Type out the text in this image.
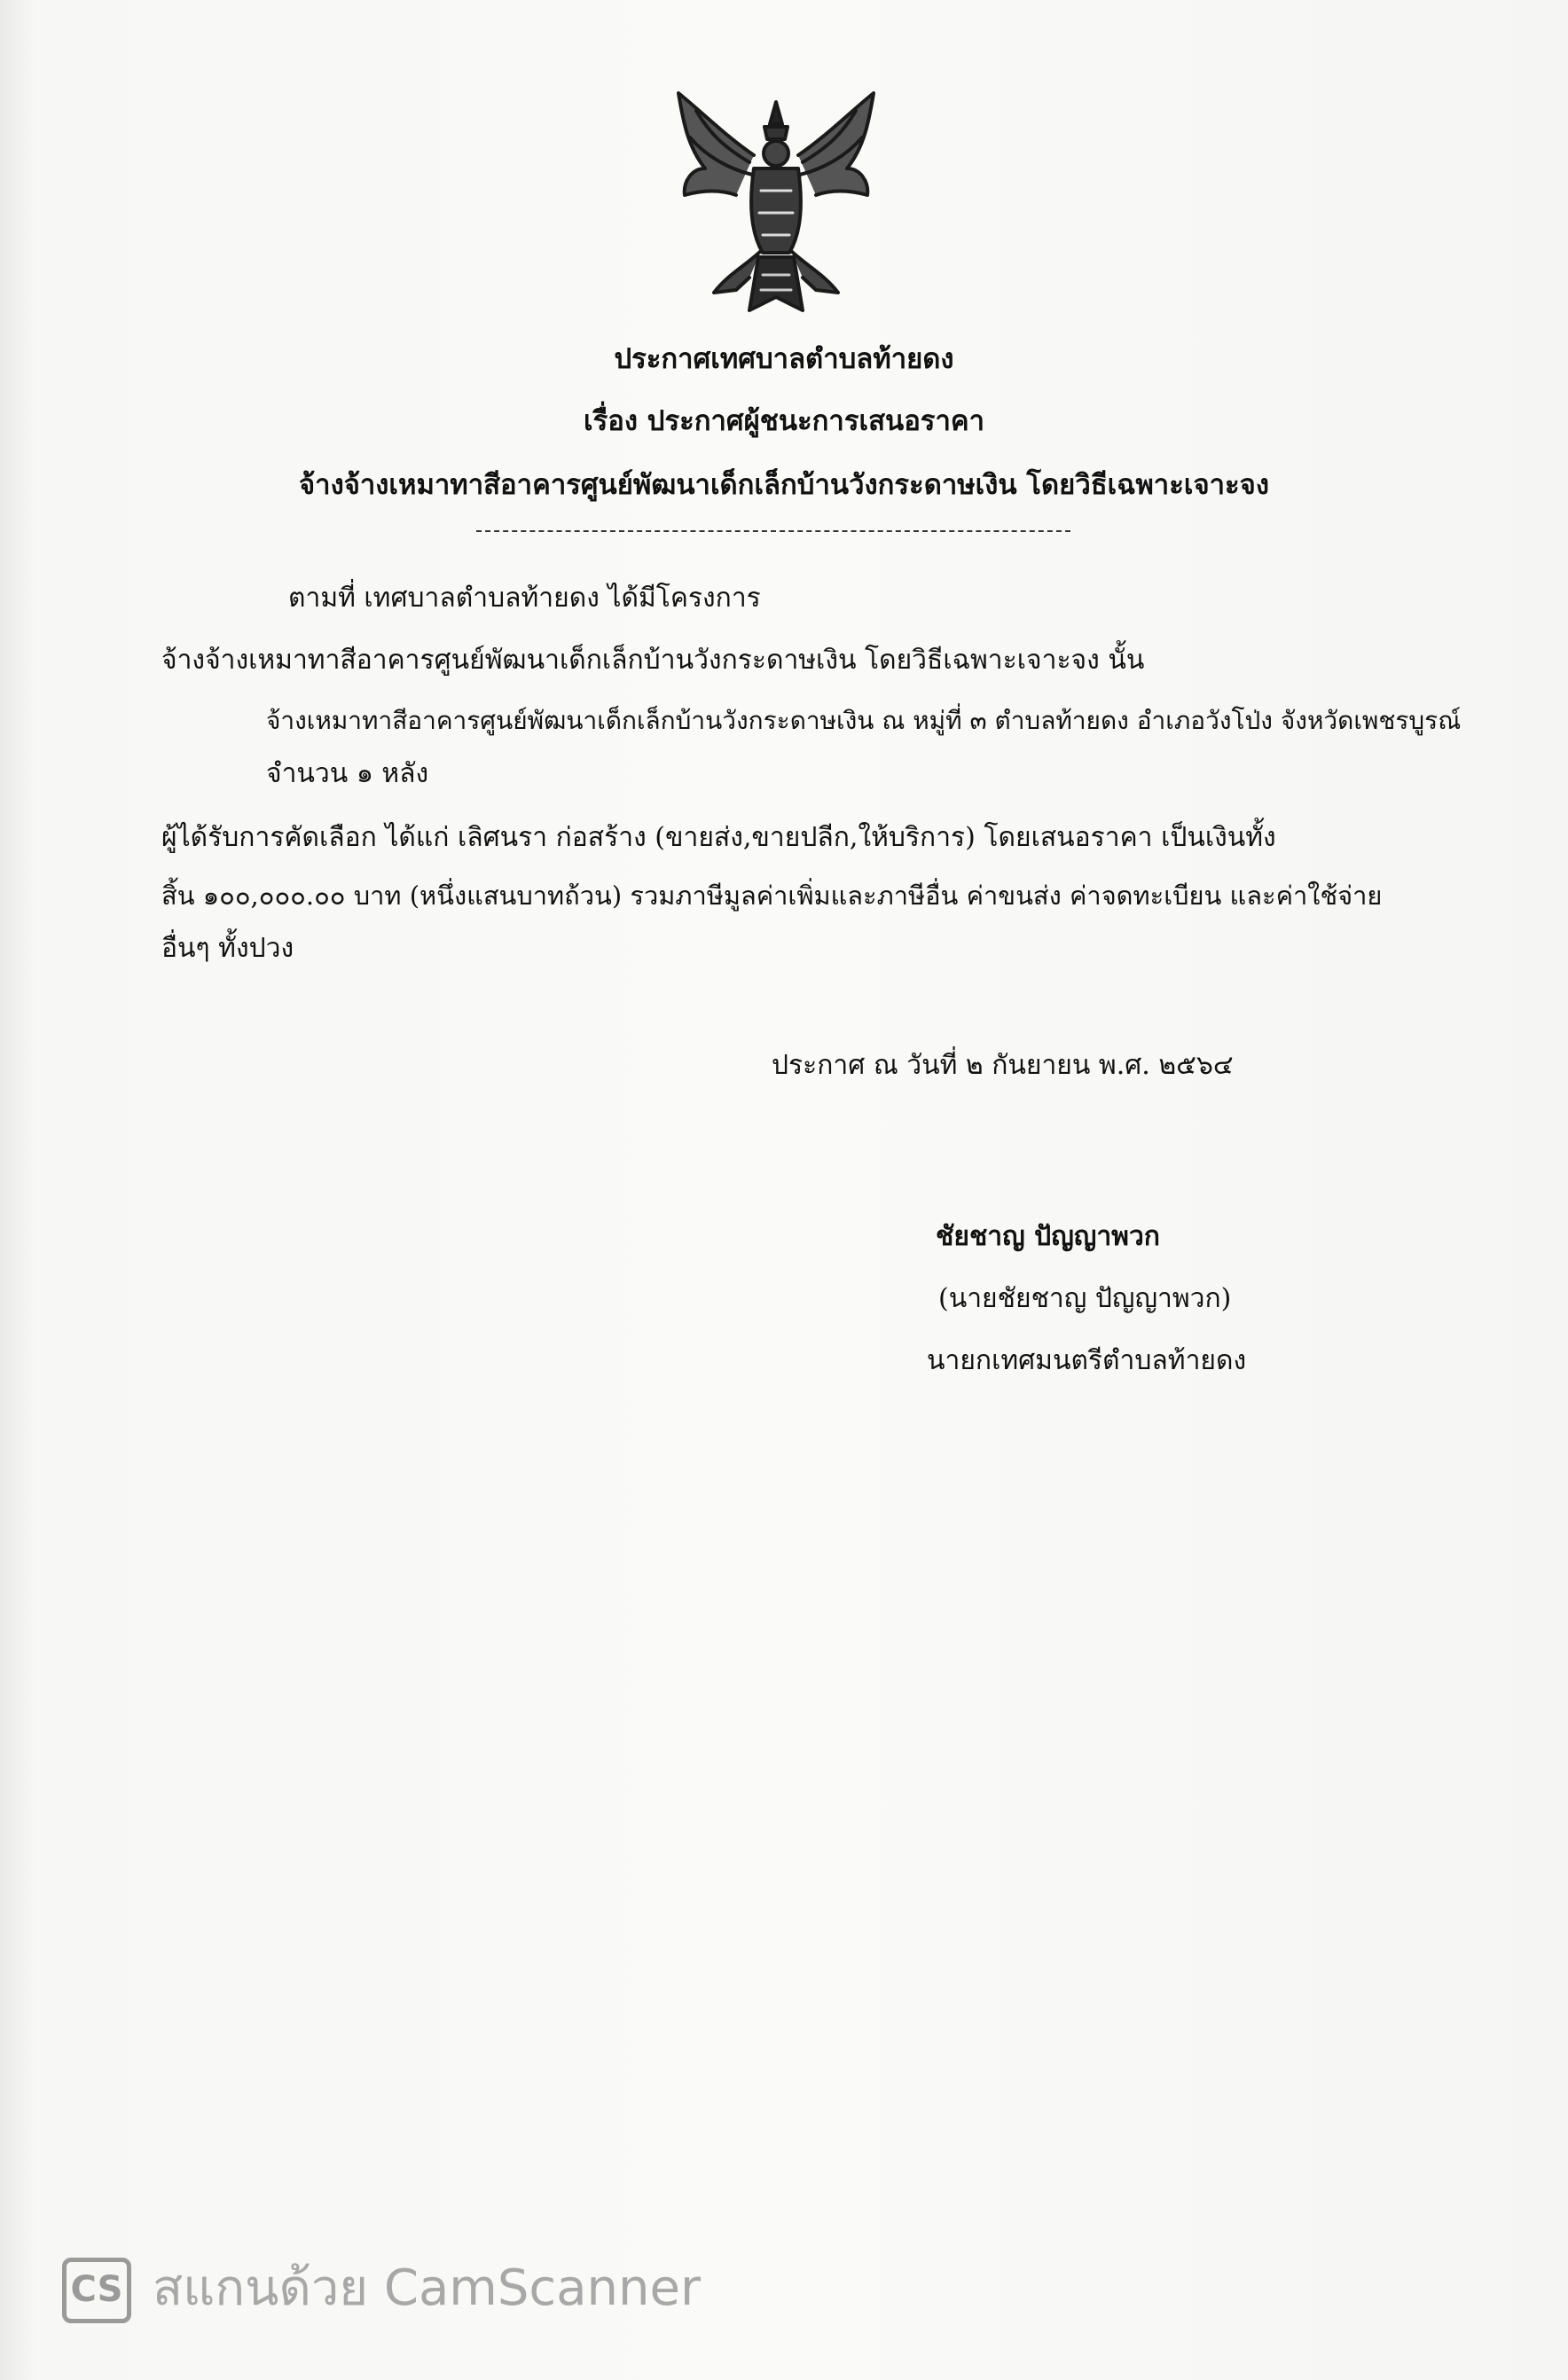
ประกาศเทศบาลตำบลท้ายดง
เรื่อง ประกาศผู้ชนะการเสนอราคา
จ้างจ้างเหมาทาสีอาคารศูนย์พัฒนาเด็กเล็กบ้านวังกระดาษเงิน โดยวิธีเฉพาะเจาะจง
ตามที่ เทศบาลตำบลท้ายดง ได้มีโครงการ
จ้างจ้างเหมาทาสีอาคารศูนย์พัฒนาเด็กเล็กบ้านวังกระดาษเงิน โดยวิธีเฉพาะเจาะจง นั้น
จ้างเหมาทาสีอาคารศูนย์พัฒนาเด็กเล็กบ้านวังกระดาษเงิน ณ หมู่ที่ ๓ ตำบลท้ายดง อำเภอวังโป่ง จังหวัดเพชรบูรณ์
จำนวน ๑ หลัง
ผู้ได้รับการคัดเลือก ได้แก่ เลิศนรา ก่อสร้าง (ขายส่ง,ขายปลีก,ให้บริการ) โดยเสนอราคา เป็นเงินทั้ง
สิ้น ๑๐๐,๐๐๐.๐๐ บาท (หนึ่งแสนบาทถ้วน) รวมภาษีมูลค่าเพิ่มและภาษีอื่น ค่าขนส่ง ค่าจดทะเบียน และค่าใช้จ่าย
อื่นๆ ทั้งปวง
ประกาศ ณ วันที่ ๒ กันยายน พ.ศ. ๒๕๖๔
ชัยชาญ ปัญญาพวก
(นายชัยชาญ ปัญญาพวก)
นายกเทศมนตรีตำบลท้ายดง
CS สแกนด้วย CamScanner
